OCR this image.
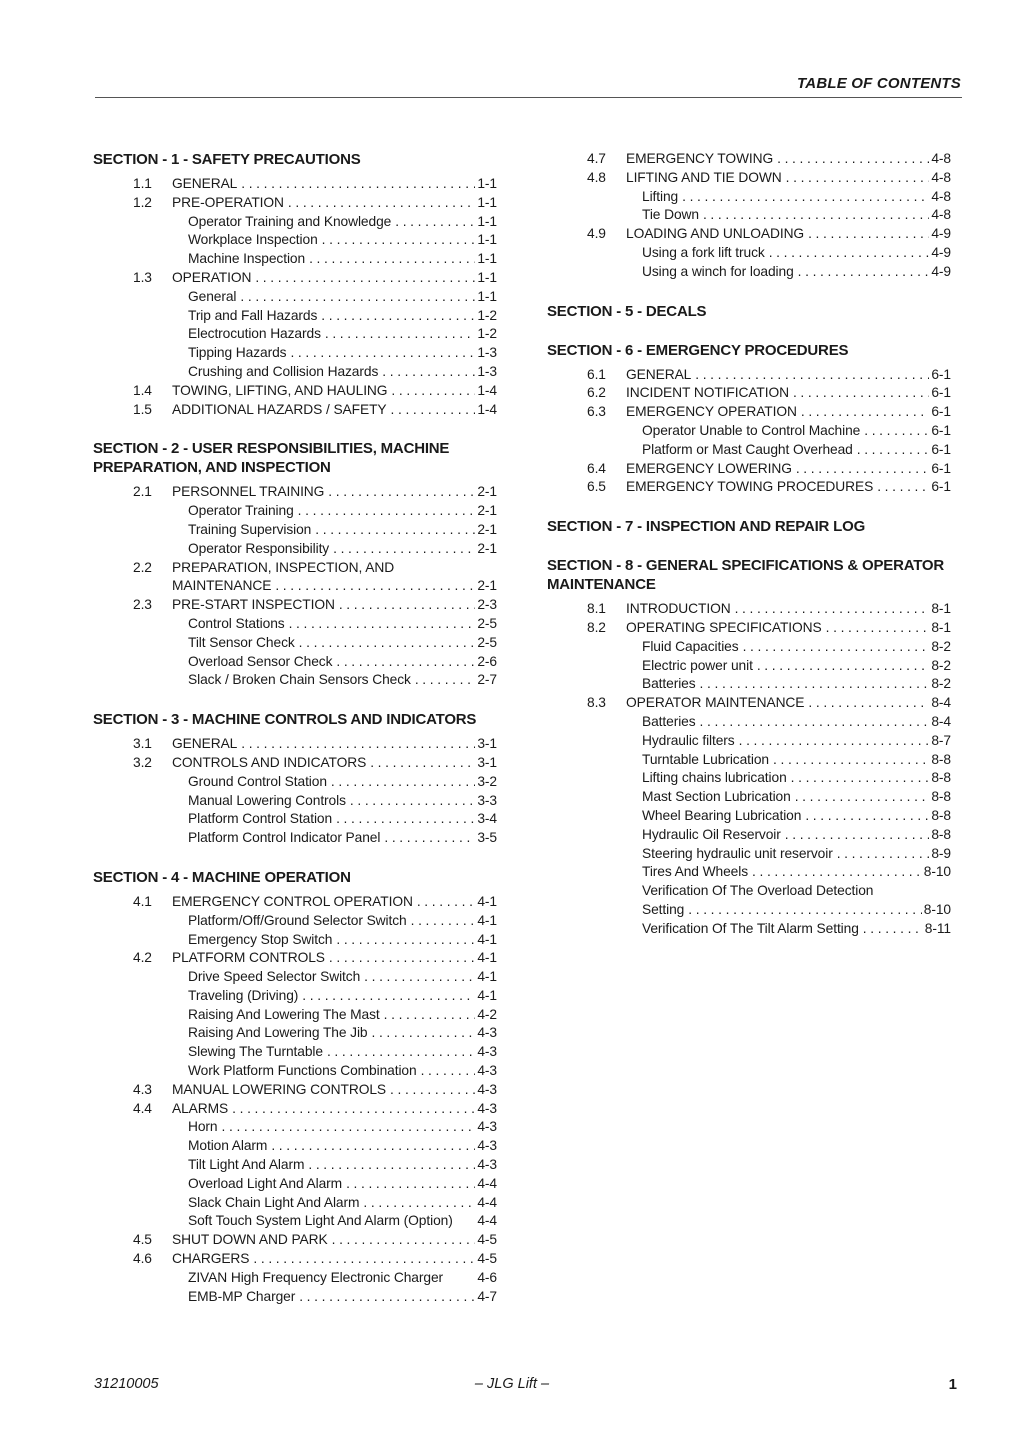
TABLE OF CONTENTS
SECTION - 1 - SAFETY PRECAUTIONS
1.1	GENERAL . . .	1-1
1.2	PRE-OPERATION . . .	1-1
Operator Training and Knowledge . . .	1-1
Workplace Inspection . . .	1-1
Machine Inspection . . .	1-1
1.3	OPERATION . . .	1-1
General . . .	1-1
Trip and Fall Hazards . . .	1-2
Electrocution Hazards . . .	1-2
Tipping Hazards . . .	1-3
Crushing and Collision Hazards . . .	1-3
1.4	TOWING, LIFTING, AND HAULING . . .	1-4
1.5	ADDITIONAL HAZARDS / SAFETY . . .	1-4
SECTION - 2 - USER RESPONSIBILITIES, MACHINE
PREPARATION, AND INSPECTION
2.1	PERSONNEL TRAINING . . .	2-1
Operator Training . . .	2-1
Training Supervision . . .	2-1
Operator Responsibility . . .	2-1
2.2	PREPARATION, INSPECTION, AND
MAINTENANCE . . .	2-1
2.3	PRE-START INSPECTION . . .	2-3
Control Stations . . .	2-5
Tilt Sensor Check . . .	2-5
Overload Sensor Check . . .	2-6
Slack / Broken Chain Sensors Check . . .	2-7
SECTION - 3 - MACHINE CONTROLS AND INDICATORS
3.1	GENERAL . . .	3-1
3.2	CONTROLS AND INDICATORS . . .	3-1
Ground Control Station . . .	3-2
Manual Lowering Controls . . .	3-3
Platform Control Station . . .	3-4
Platform Control Indicator Panel . . .	3-5
SECTION - 4 - MACHINE OPERATION
4.1	EMERGENCY CONTROL OPERATION . . .	4-1
Platform/Off/Ground Selector Switch . . .	4-1
Emergency Stop Switch . . .	4-1
4.2	PLATFORM CONTROLS . . .	4-1
Drive Speed Selector Switch . . .	4-1
Traveling (Driving) . . .	4-1
Raising And Lowering The Mast . . .	4-2
Raising And Lowering The Jib . . .	4-3
Slewing The Turntable . . .	4-3
Work Platform Functions Combination . . .	4-3
4.3	MANUAL LOWERING CONTROLS . . .	4-3
4.4	ALARMS . . .	4-3
Horn . . .	4-3
Motion Alarm . . .	4-3
Tilt Light And Alarm . . .	4-3
Overload Light And Alarm . . .	4-4
Slack Chain Light And Alarm . . .	4-4
Soft Touch System Light And Alarm (Option) 4-4
4.5	SHUT DOWN AND PARK . . .	4-5
4.6	CHARGERS . . .	4-5
ZIVAN High Frequency Electronic Charger 4-6
EMB-MP Charger . . .	4-7
4.7	EMERGENCY TOWING . . .	4-8
4.8	LIFTING AND TIE DOWN . . .	4-8
Lifting . . .	4-8
Tie Down . . .	4-8
4.9	LOADING AND UNLOADING . . .	4-9
Using a fork lift truck . . .	4-9
Using a winch for loading . . .	4-9
SECTION - 5 - DECALS
SECTION - 6 - EMERGENCY PROCEDURES
6.1	GENERAL . . .	6-1
6.2	INCIDENT NOTIFICATION . . .	6-1
6.3	EMERGENCY OPERATION . . .	6-1
Operator Unable to Control Machine . . .	6-1
Platform or Mast Caught Overhead . . .	6-1
6.4	EMERGENCY LOWERING . . .	6-1
6.5	EMERGENCY TOWING PROCEDURES . . .	6-1
SECTION - 7 - INSPECTION AND REPAIR LOG
SECTION - 8 - GENERAL SPECIFICATIONS & OPERATOR
MAINTENANCE
8.1	INTRODUCTION . . .	8-1
8.2	OPERATING SPECIFICATIONS . . .	8-1
Fluid Capacities . . .	8-2
Electric power unit . . .	8-2
Batteries . . .	8-2
8.3	OPERATOR MAINTENANCE . . .	8-4
Batteries . . .	8-4
Hydraulic filters . . .	8-7
Turntable Lubrication . . .	8-8
Lifting chains lubrication . . .	8-8
Mast Section Lubrication . . .	8-8
Wheel Bearing Lubrication . . .	8-8
Hydraulic Oil Reservoir . . .	8-8
Steering hydraulic unit reservoir . . .	8-9
Tires And Wheels . . .	8-10
Verification Of The Overload Detection
Setting . . .	8-10
Verification Of The Tilt Alarm Setting . . .	8-11
31210005	– JLG Lift –	1
